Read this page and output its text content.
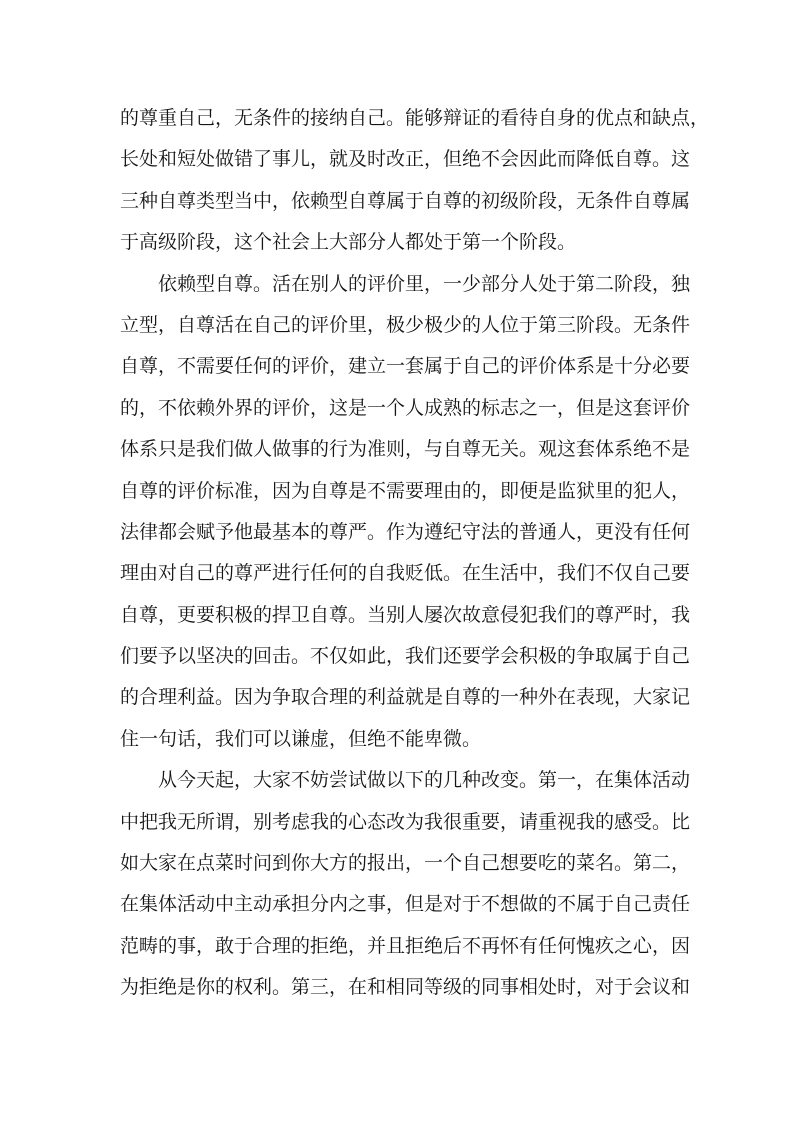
的尊重自己，无条件的接纳自己。能够辩证的看待自身的优点和缺点，
长处和短处做错了事儿，就及时改正，但绝不会因此而降低自尊。这
三种自尊类型当中，依赖型自尊属于自尊的初级阶段，无条件自尊属
于高级阶段，这个社会上大部分人都处于第一个阶段。
依赖型自尊。活在别人的评价里，一少部分人处于第二阶段，独
立型，自尊活在自己的评价里，极少极少的人位于第三阶段。无条件
自尊，不需要任何的评价，建立一套属于自己的评价体系是十分必要
的，不依赖外界的评价，这是一个人成熟的标志之一，但是这套评价
体系只是我们做人做事的行为准则，与自尊无关。观这套体系绝不是
自尊的评价标准，因为自尊是不需要理由的，即便是监狱里的犯人，
法律都会赋予他最基本的尊严。作为遵纪守法的普通人，更没有任何
理由对自己的尊严进行任何的自我贬低。在生活中，我们不仅自己要
自尊，更要积极的捍卫自尊。当别人屡次故意侵犯我们的尊严时，我
们要予以坚决的回击。不仅如此，我们还要学会积极的争取属于自己
的合理利益。因为争取合理的利益就是自尊的一种外在表现，大家记
住一句话，我们可以谦虚，但绝不能卑微。
从今天起，大家不妨尝试做以下的几种改变。第一，在集体活动
中把我无所谓，别考虑我的心态改为我很重要，请重视我的感受。比
如大家在点菜时问到你大方的报出，一个自己想要吃的菜名。第二，
在集体活动中主动承担分内之事，但是对于不想做的不属于自己责任
范畴的事，敢于合理的拒绝，并且拒绝后不再怀有任何愧疚之心，因
为拒绝是你的权利。第三，在和相同等级的同事相处时，对于会议和
